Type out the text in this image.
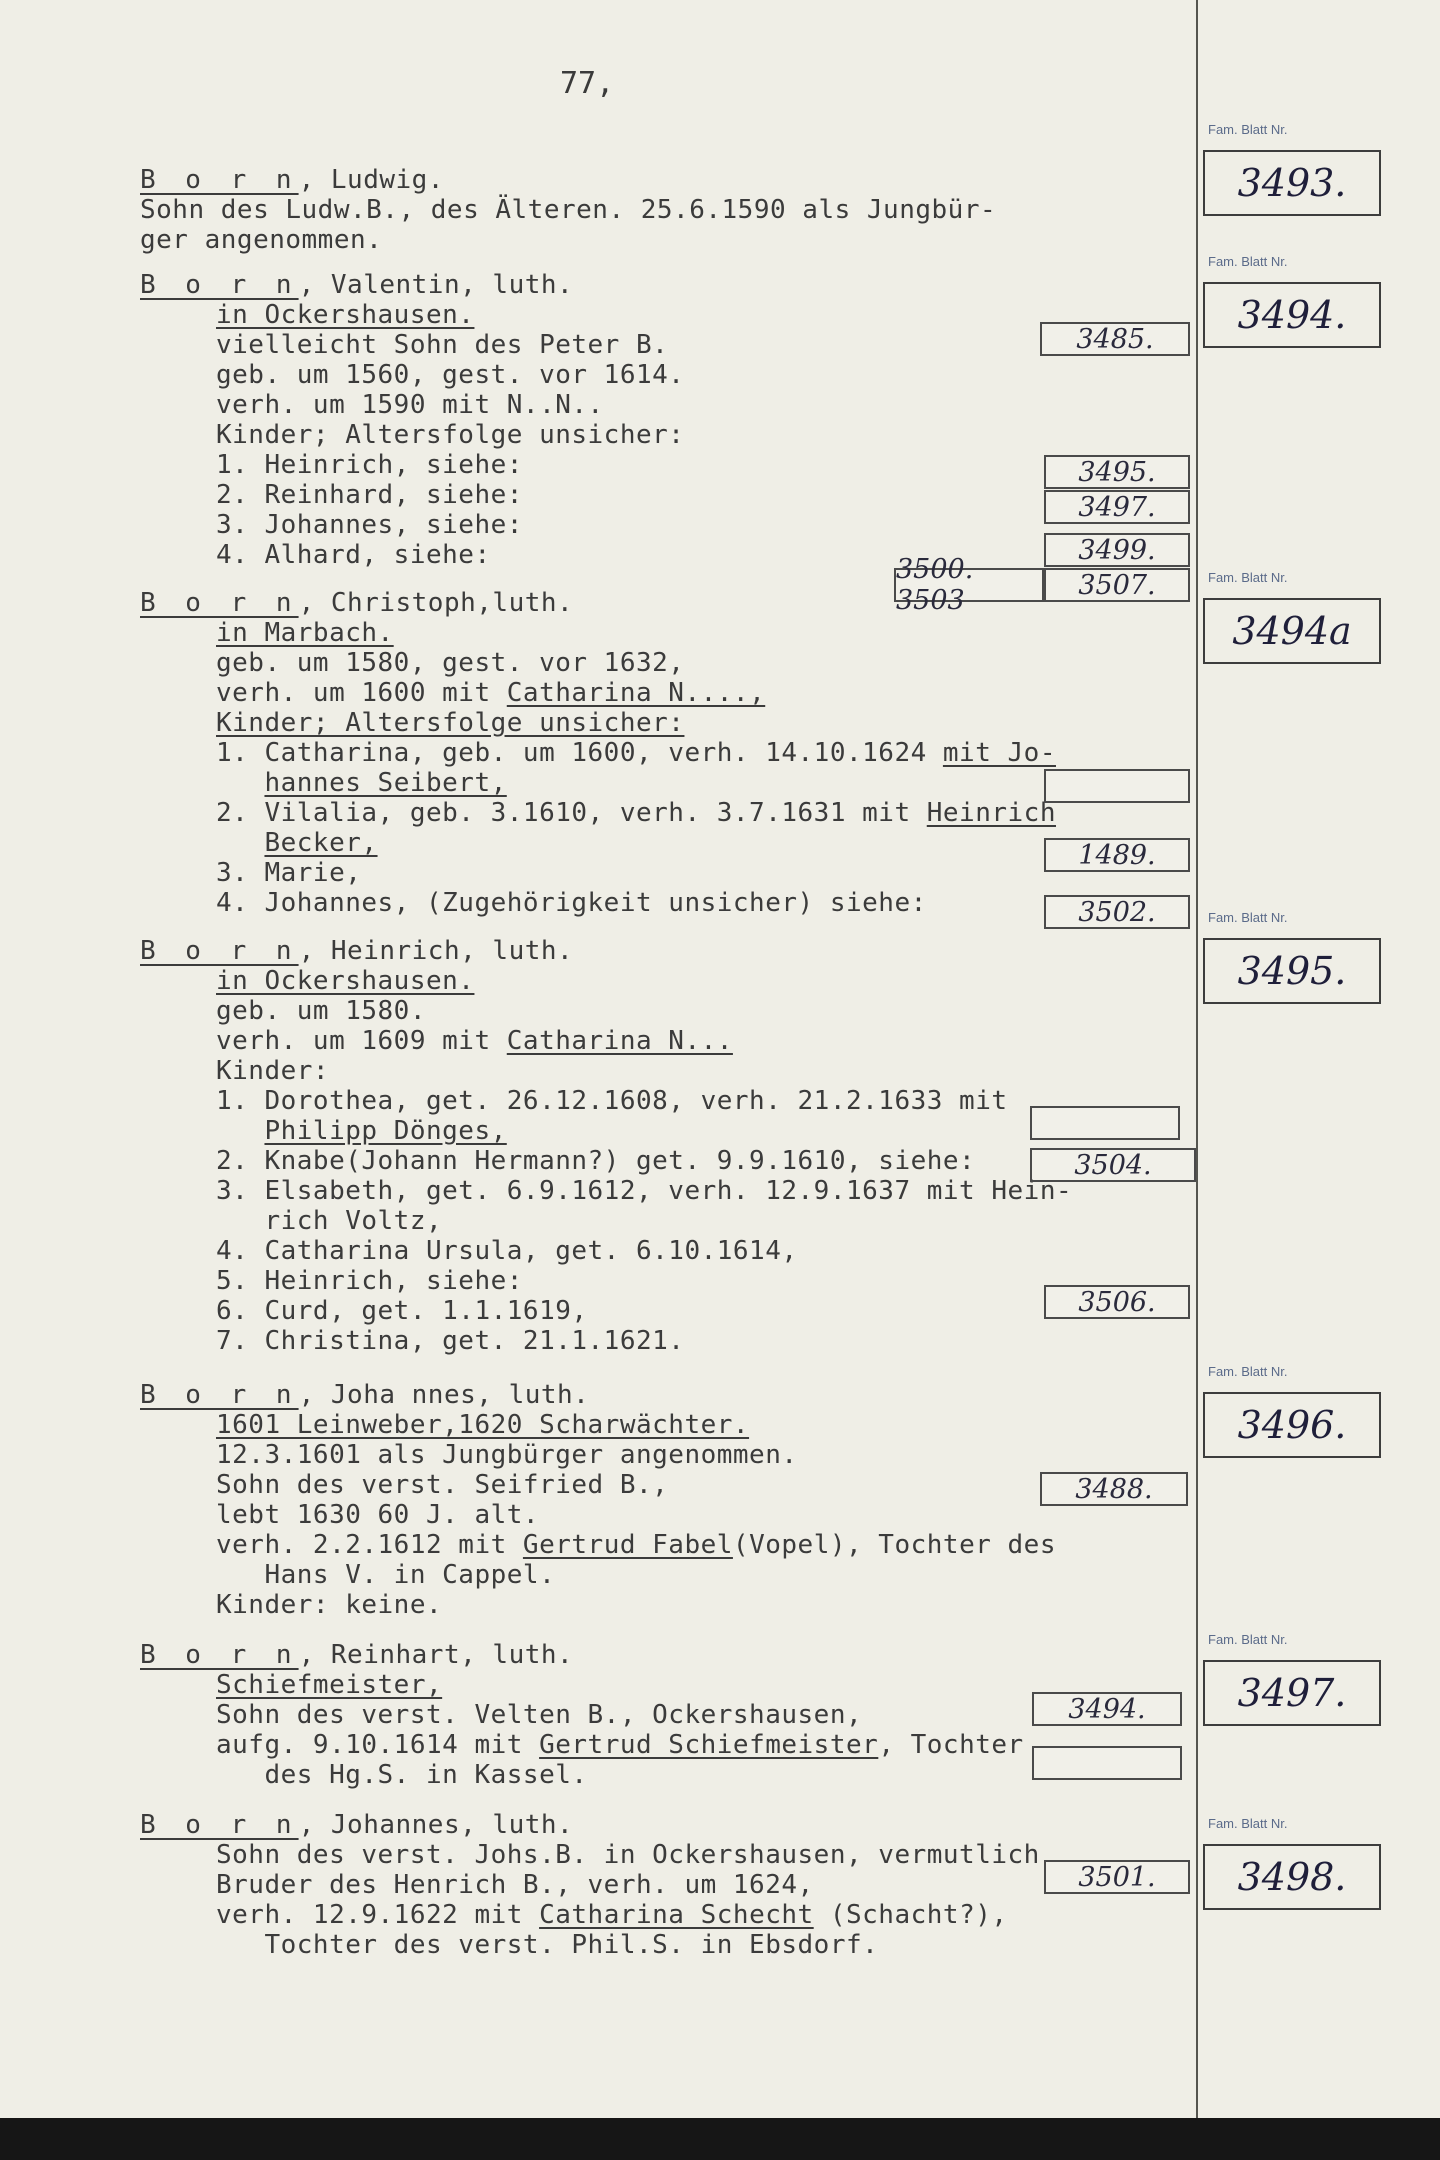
77,
B o r n, Ludwig.
Sohn des Ludw.B., des Älteren. 25.6.1590 als Jungbür-
ger angenommen.
B o r n, Valentin, luth.
in Ockershausen.
vielleicht Sohn des Peter B.
geb. um 1560, gest. vor 1614.
verh. um 1590 mit N..N..
Kinder; Altersfolge unsicher:
1. Heinrich, siehe:
2. Reinhard, siehe:
3. Johannes, siehe:
4. Alhard, siehe:
B o r n, Christoph,luth.
in Marbach.
geb. um 1580, gest. vor 1632,
verh. um 1600 mit Catharina N....,
Kinder; Altersfolge unsicher:
1. Catharina, geb. um 1600, verh. 14.10.1624 mit Jo-
hannes Seibert,
2. Vilalia, geb. 3.1610, verh. 3.7.1631 mit Heinrich
Becker,
3. Marie,
4. Johannes, (Zugehörigkeit unsicher) siehe:
B o r n, Heinrich, luth.
in Ockershausen.
geb. um 1580.
verh. um 1609 mit Catharina N...
Kinder:
1. Dorothea, get. 26.12.1608, verh. 21.2.1633 mit
Philipp Dönges,
2. Knabe(Johann Hermann?) get. 9.9.1610, siehe:
3. Elsabeth, get. 6.9.1612, verh. 12.9.1637 mit Hein-
rich Voltz,
4. Catharina Ursula, get. 6.10.1614,
5. Heinrich, siehe:
6. Curd, get. 1.1.1619,
7. Christina, get. 21.1.1621.
B o r n, Joha nnes, luth.
1601 Leinweber,1620 Scharwächter.
12.3.1601 als Jungbürger angenommen.
Sohn des verst. Seifried B.,
lebt 1630 60 J. alt.
verh. 2.2.1612 mit Gertrud Fabel(Vopel), Tochter des
Hans V. in Cappel.
Kinder: keine.
B o r n, Reinhart, luth.
Schiefmeister,
Sohn des verst. Velten B., Ockershausen,
aufg. 9.10.1614 mit Gertrud Schiefmeister, Tochter
des Hg.S. in Kassel.
B o r n, Johannes, luth.
Sohn des verst. Johs.B. in Ockershausen, vermutlich
Bruder des Henrich B., verh. um 1624,
verh. 12.9.1622 mit Catharina Schecht (Schacht?),
Tochter des verst. Phil.S. in Ebsdorf.
3485.
3495.
3497.
3499.
3500. 3503	3507.
1489.
3502.
3504.
3506.
3488.
3494.
3501.
Fam. Blatt Nr.
3493.
Fam. Blatt Nr.
3494.
Fam. Blatt Nr.
3494a
Fam. Blatt Nr.
3495.
Fam. Blatt Nr.
3496.
Fam. Blatt Nr.
3497.
Fam. Blatt Nr.
3498.
